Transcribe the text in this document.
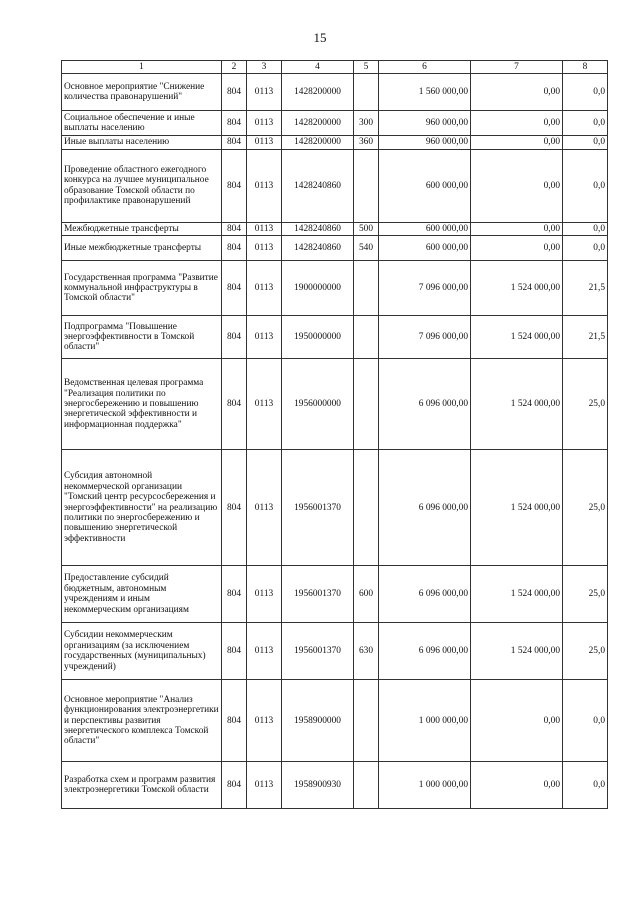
15
1	2	3	4	5	6	7	8
Основное мероприятие "Снижение количества правонарушений"	804	0113	1428200000		1 560 000,00	0,00	0,0
Социальное обеспечение и иные выплаты населению	804	0113	1428200000	300	960 000,00	0,00	0,0
Иные выплаты населению	804	0113	1428200000	360	960 000,00	0,00	0,0
Проведение областного ежегодного конкурса на лучшее муниципальное образование Томской области по профилактике правонарушений	804	0113	1428240860		600 000,00	0,00	0,0
Межбюджетные трансферты	804	0113	1428240860	500	600 000,00	0,00	0,0
Иные межбюджетные трансферты	804	0113	1428240860	540	600 000,00	0,00	0,0
Государственная программа "Развитие коммунальной инфраструктуры в Томской области"	804	0113	1900000000		7 096 000,00	1 524 000,00	21,5
Подпрограмма "Повышение энергоэффективности в Томской области"	804	0113	1950000000		7 096 000,00	1 524 000,00	21,5
Ведомственная целевая программа "Реализация политики по энергосбережению и повышению энергетической эффективности и информационная поддержка"	804	0113	1956000000		6 096 000,00	1 524 000,00	25,0
Субсидия автономной некоммерческой организации "Томский центр ресурсосбережения и энергоэффективности" на реализацию политики по энергосбережению и повышению энергетической эффективности	804	0113	1956001370		6 096 000,00	1 524 000,00	25,0
Предоставление субсидий бюджетным, автономным учреждениям и иным некоммерческим организациям	804	0113	1956001370	600	6 096 000,00	1 524 000,00	25,0
Субсидии некоммерческим организациям (за исключением государственных (муниципальных) учреждений)	804	0113	1956001370	630	6 096 000,00	1 524 000,00	25,0
Основное мероприятие "Анализ функционирования электроэнергетики и перспективы развития энергетического комплекса Томской области"	804	0113	1958900000		1 000 000,00	0,00	0,0
Разработка схем и программ развития электроэнергетики Томской области	804	0113	1958900930		1 000 000,00	0,00	0,0
